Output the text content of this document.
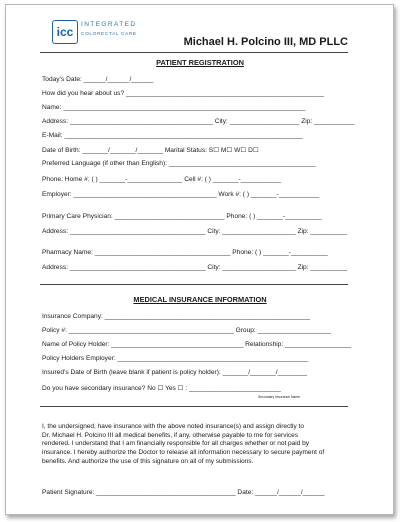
icc
INTEGRATED
COLORECTAL CARE
Michael H. Polcino III, MD PLLC
PATIENT REGISTRATION
Today’s Date: ______/______/______
How did you hear about us? ______________________________________________________
Name: __________________________________________________________________
Address: _______________________________________ City: ___________________ Zip: ___________
E-Mail: _________________________________________________________________
Date of Birth: _______/_______/_______ Marital Status: S☐ M☐ W☐ D☐
Preferred Language (if other than English): ________________________________________
Phone: Home #: ( ) _______-_______________ Cell #: ( ) _______-___________
Employer: _______________________________________ Work #: ( ) _______-___________
Primary Care Physician: ______________________________ Phone: ( ) _______-__________
Address: _____________________________________ City: ____________________ Zip: __________
Pharmacy Name: _____________________________________ Phone: ( ) _______-__________
Address: _____________________________________ City: ____________________ Zip: __________
MEDICAL INSURANCE INFORMATION
Insurance Company: ________________________________________________________
Policy #: _____________________________________________ Group: ____________________
Name of Policy Holder: ____________________________________ Relationship: __________________
Policy Holders Employer: ____________________________________________________
Insured’s Date of Birth (leave blank if patient is policy holder): _______/_______/________
Do you have secondary insurance? No ☐ Yes ☐ : _________________________
Secondary Insurance Name
I, the undersigned, have insurance with the above noted insurance(s) and assign directly to
Dr. Michael H. Polcino III all medical benefits, if any, otherwise payable to me for services
rendered. I understand that I am financially responsible for all charges whether or not paid by
insurance. I hereby authorize the Doctor to release all information necessary to secure payment of
benefits. And authorize the use of this signature on all of my submissions.
Patient Signature: ______________________________________ Date: ______/______/______
